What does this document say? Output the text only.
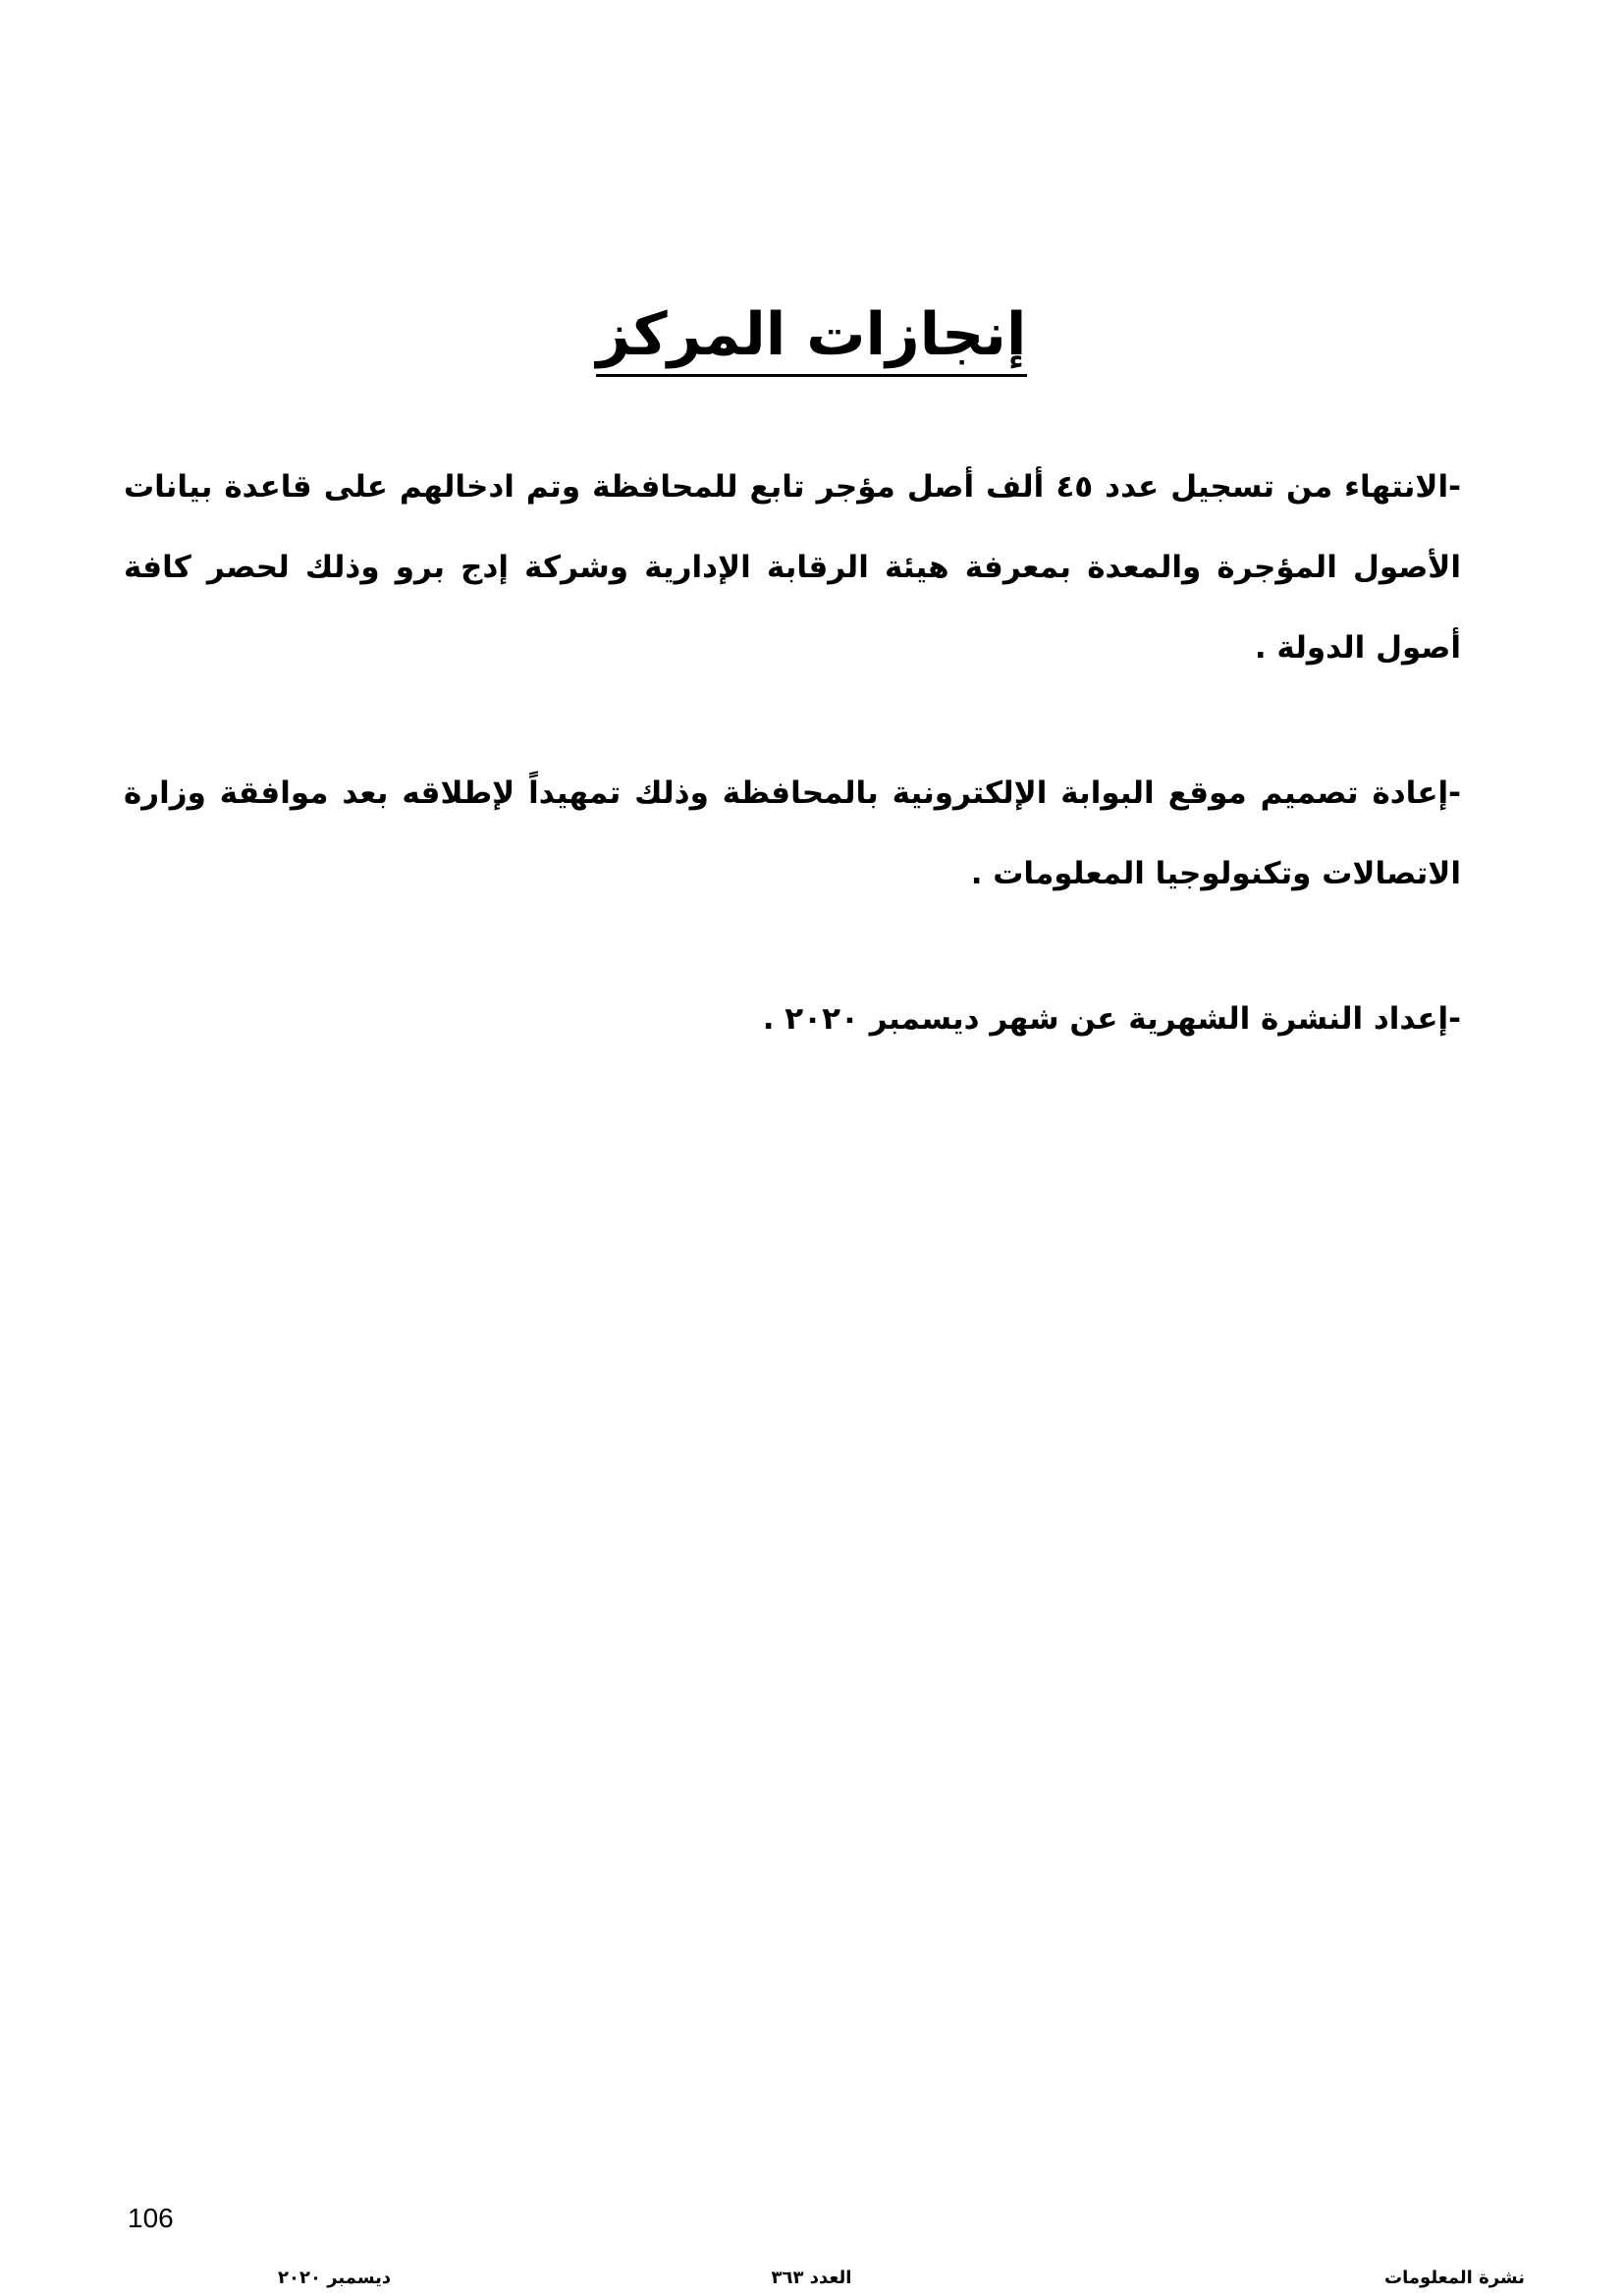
إنجازات المركز

-الانتهاء من تسجيل عدد ٤٥ ألف أصل مؤجر تابع للمحافظة وتم ادخالهم على قاعدة بيانات الأصول المؤجرة والمعدة بمعرفة هيئة الرقابة الإدارية وشركة إدج برو وذلك لحصر كافة أصول الدولة .

-إعادة تصميم موقع البوابة الإلكترونية بالمحافظة وذلك تمهيداً لإطلاقه بعد موافقة وزارة الاتصالات وتكنولوجيا المعلومات .

-إعداد النشرة الشهرية عن شهر ديسمبر ٢٠٢٠ .

106
نشرة المعلومات
العدد ٣٦٣
ديسمبر ٢٠٢٠
